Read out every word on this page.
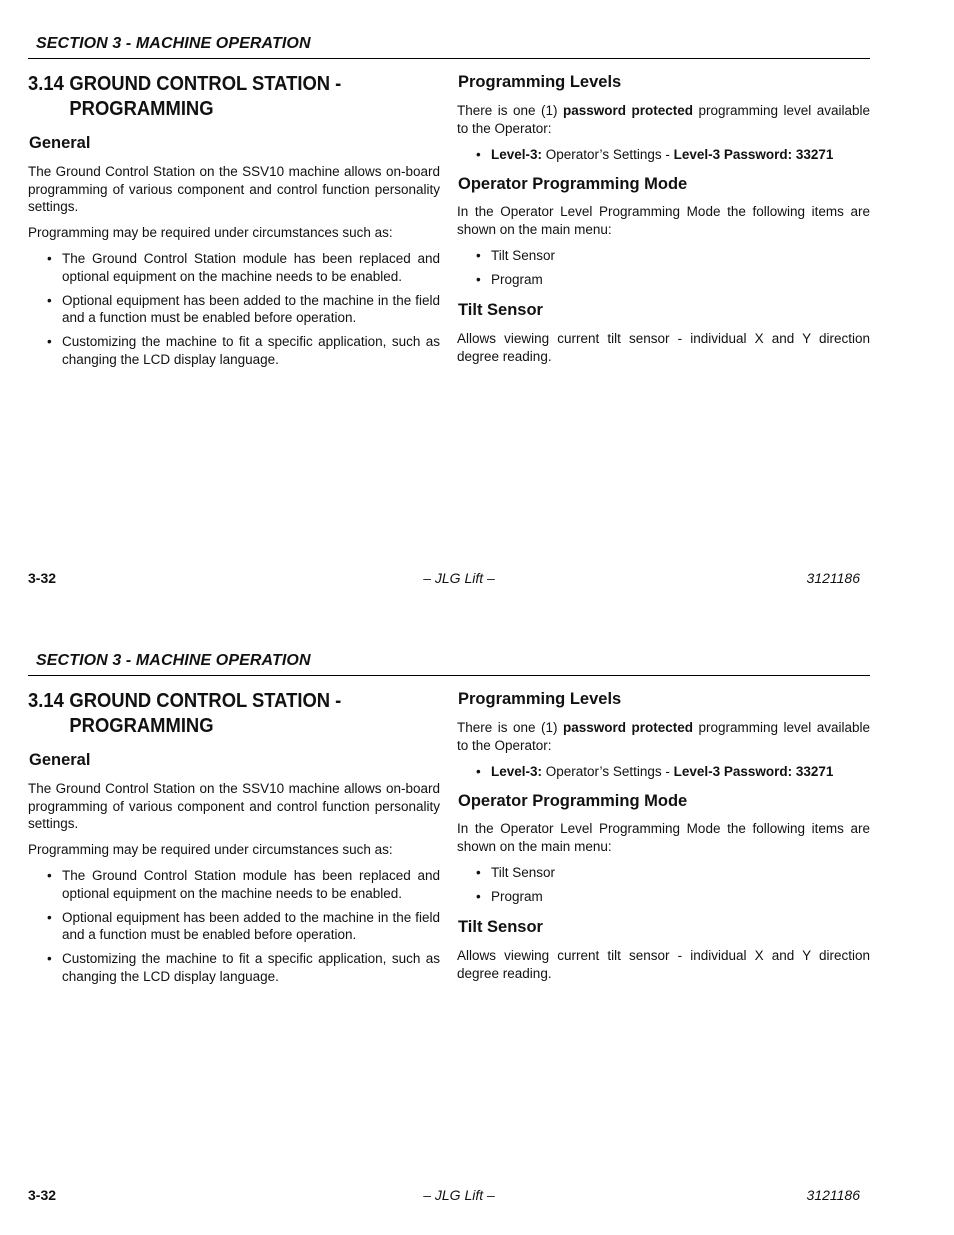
SECTION 3 - MACHINE OPERATION
3.14 GROUND CONTROL STATION -
PROGRAMMING
General
The Ground Control Station on the SSV10 machine allows on-board programming of various component and control function personality settings.
Programming may be required under circumstances such as:
• The Ground Control Station module has been replaced and optional equipment on the machine needs to be enabled.
• Optional equipment has been added to the machine in the field and a function must be enabled before operation.
• Customizing the machine to fit a specific application, such as changing the LCD display language.
Programming Levels
There is one (1) password protected programming level available to the Operator:
• Level-3: Operator’s Settings - Level-3 Password: 33271
Operator Programming Mode
In the Operator Level Programming Mode the following items are shown on the main menu:
• Tilt Sensor
• Program
Tilt Sensor
Allows viewing current tilt sensor - individual X and Y direction degree reading.
3-32	– JLG Lift –	3121186
SECTION 3 - MACHINE OPERATION
3.14 GROUND CONTROL STATION -
PROGRAMMING
General
The Ground Control Station on the SSV10 machine allows on-board programming of various component and control function personality settings.
Programming may be required under circumstances such as:
• The Ground Control Station module has been replaced and optional equipment on the machine needs to be enabled.
• Optional equipment has been added to the machine in the field and a function must be enabled before operation.
• Customizing the machine to fit a specific application, such as changing the LCD display language.
Programming Levels
There is one (1) password protected programming level available to the Operator:
• Level-3: Operator’s Settings - Level-3 Password: 33271
Operator Programming Mode
In the Operator Level Programming Mode the following items are shown on the main menu:
• Tilt Sensor
• Program
Tilt Sensor
Allows viewing current tilt sensor - individual X and Y direction degree reading.
3-32	– JLG Lift –	3121186
